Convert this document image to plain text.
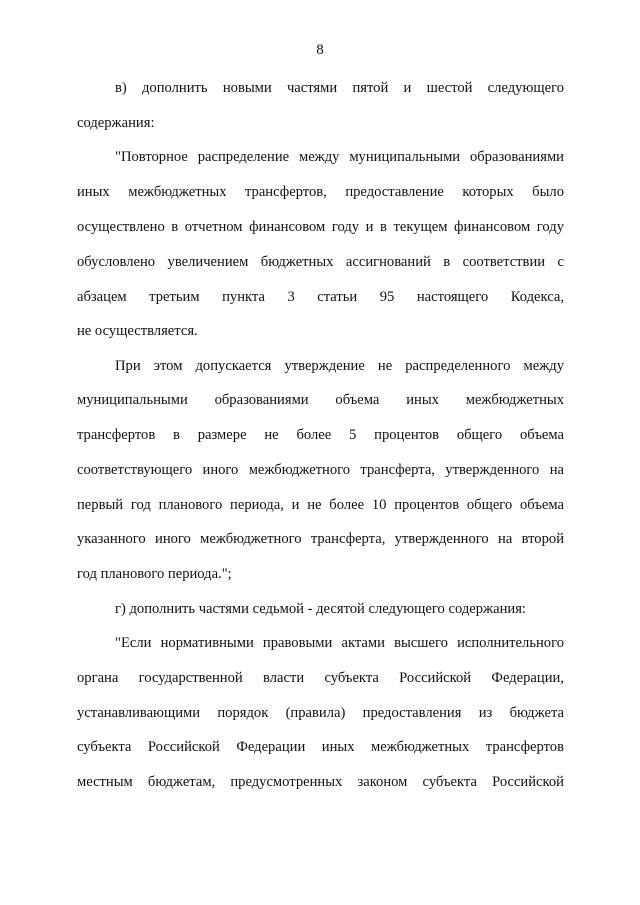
8
в) дополнить новыми частями пятой и шестой следующего
содержания:
"Повторное распределение между муниципальными образованиями
иных межбюджетных трансфертов, предоставление которых было
осуществлено в отчетном финансовом году и в текущем финансовом году
обусловлено увеличением бюджетных ассигнований в соответствии с
абзацем третьим пункта 3 статьи 95 настоящего Кодекса,
не осуществляется.
При этом допускается утверждение не распределенного между
муниципальными образованиями объема иных межбюджетных
трансфертов в размере не более 5 процентов общего объема
соответствующего иного межбюджетного трансферта, утвержденного на
первый год планового периода, и не более 10 процентов общего объема
указанного иного межбюджетного трансферта, утвержденного на второй
год планового периода.";
г) дополнить частями седьмой - десятой следующего содержания:
"Если нормативными правовыми актами высшего исполнительного
органа государственной власти субъекта Российской Федерации,
устанавливающими порядок (правила) предоставления из бюджета
субъекта Российской Федерации иных межбюджетных трансфертов
местным бюджетам, предусмотренных законом субъекта Российской
